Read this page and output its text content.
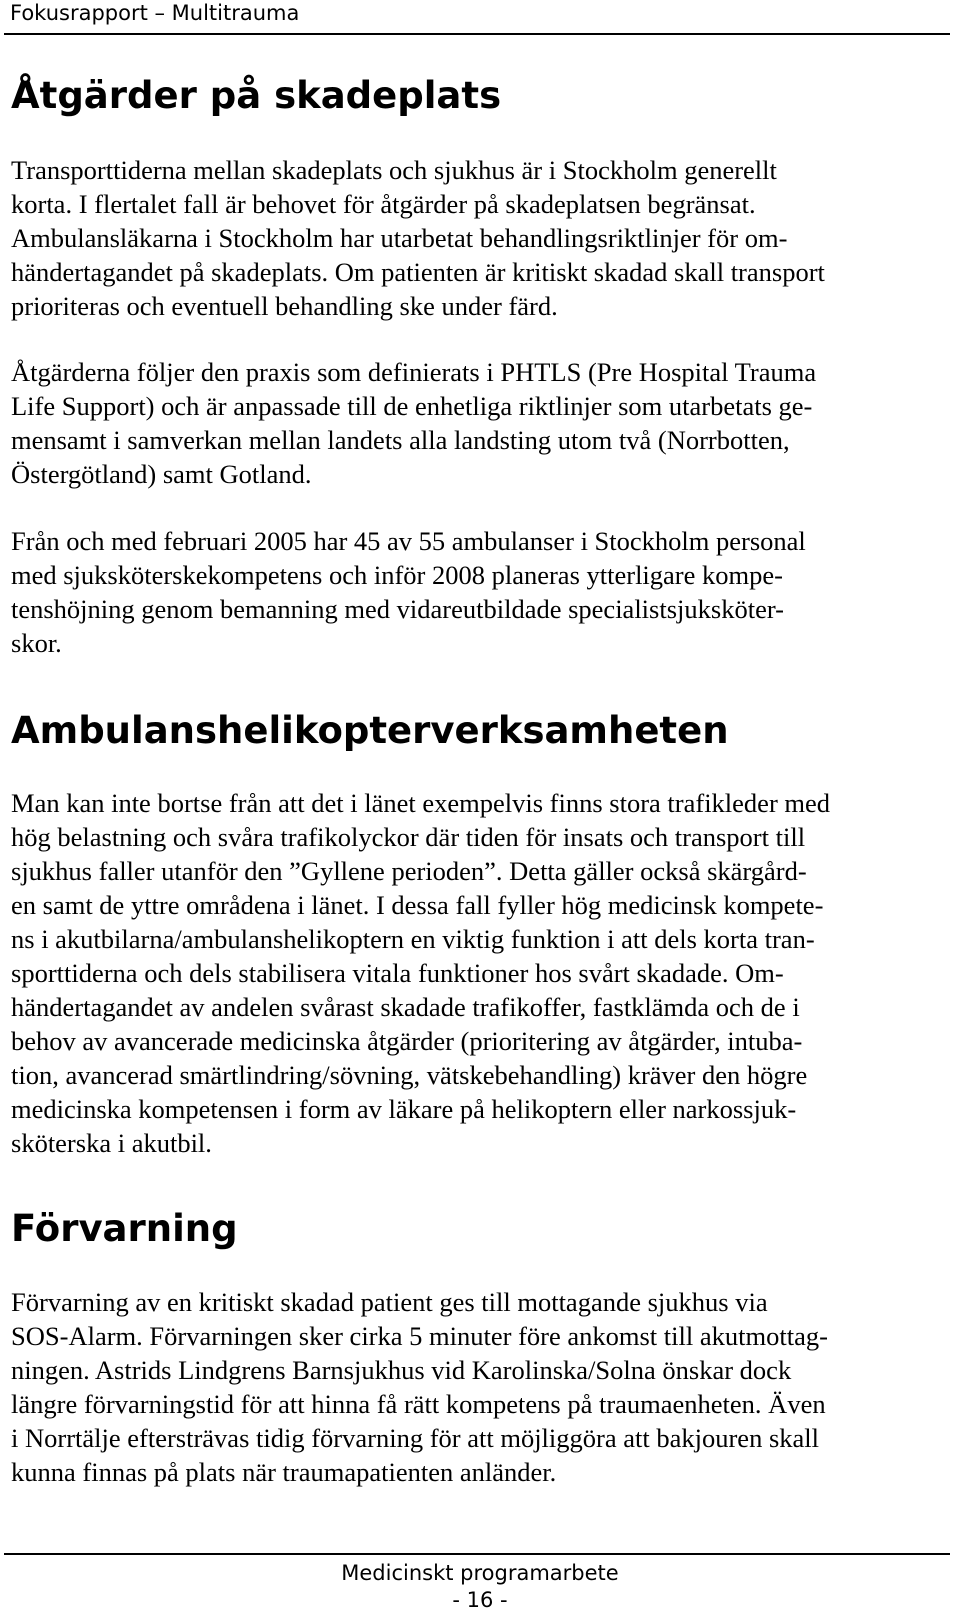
Fokusrapport – Multitrauma
Åtgärder på skadeplats

Transporttiderna mellan skadeplats och sjukhus är i Stockholm generellt
korta. I flertalet fall är behovet för åtgärder på skadeplatsen begränsat.
Ambulansläkarna i Stockholm har utarbetat behandlingsriktlinjer för om-
händertagandet på skadeplats. Om patienten är kritiskt skadad skall transport
prioriteras och eventuell behandling ske under färd.

Åtgärderna följer den praxis som definierats i PHTLS (Pre Hospital Trauma
Life Support) och är anpassade till de enhetliga riktlinjer som utarbetats ge-
mensamt i samverkan mellan landets alla landsting utom två (Norrbotten,
Östergötland) samt Gotland.

Från och med februari 2005 har 45 av 55 ambulanser i Stockholm personal
med sjuksköterskekompetens och inför 2008 planeras ytterligare kompe-
tenshöjning genom bemanning med vidareutbildade specialistsjuksköter-
skor.

Ambulanshelikopterverksamheten

Man kan inte bortse från att det i länet exempelvis finns stora trafikleder med
hög belastning och svåra trafikolyckor där tiden för insats och transport till
sjukhus faller utanför den ”Gyllene perioden”. Detta gäller också skärgård-
en samt de yttre områdena i länet. I dessa fall fyller hög medicinsk kompete-
ns i akutbilarna/ambulanshelikoptern en viktig funktion i att dels korta tran-
sporttiderna och dels stabilisera vitala funktioner hos svårt skadade. Om-
händertagandet av andelen svårast skadade trafikoffer, fastklämda och de i
behov av avancerade medicinska åtgärder (prioritering av åtgärder, intuba-
tion, avancerad smärtlindring/sövning, vätskebehandling) kräver den högre
medicinska kompetensen i form av läkare på helikoptern eller narkossjuk-
sköterska i akutbil.

Förvarning

Förvarning av en kritiskt skadad patient ges till mottagande sjukhus via
SOS-Alarm. Förvarningen sker cirka 5 minuter före ankomst till akutmottag-
ningen. Astrids Lindgrens Barnsjukhus vid Karolinska/Solna önskar dock
längre förvarningstid för att hinna få rätt kompetens på traumaenheten. Även
i Norrtälje eftersträvas tidig förvarning för att möjliggöra att bakjouren skall
kunna finnas på plats när traumapatienten anländer.

Medicinskt programarbete
- 16 -
